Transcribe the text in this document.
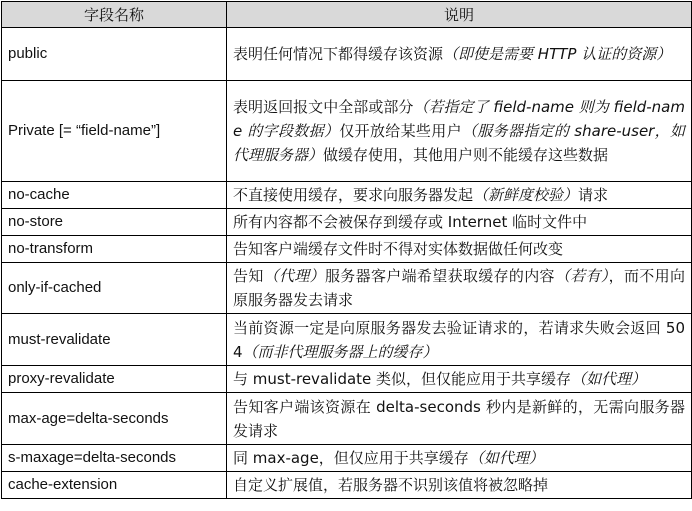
字段名称	说明
public	表明任何情况下都得缓存该资源（即使是需要 HTTP 认证的资源）
Private [= “field-name”]	表明返回报文中全部或部分（若指定了 field-name 则为 field-name 的字段数据）仅开放给某些用户（服务器指定的 share-user，如代理服务器）做缓存使用，其他用户则不能缓存这些数据
no-cache	不直接使用缓存，要求向服务器发起（新鲜度校验）请求
no-store	所有内容都不会被保存到缓存或 Internet 临时文件中
no-transform	告知客户端缓存文件时不得对实体数据做任何改变
only-if-cached	告知（代理）服务器客户端希望获取缓存的内容（若有），而不用向原服务器发去请求
must-revalidate	当前资源一定是向原服务器发去验证请求的，若请求失败会返回 504（而非代理服务器上的缓存）
proxy-revalidate	与 must-revalidate 类似，但仅能应用于共享缓存（如代理）
max-age=delta-seconds	告知客户端该资源在 delta-seconds 秒内是新鲜的，无需向服务器发请求
s-maxage=delta-seconds	同 max-age，但仅应用于共享缓存（如代理）
cache-extension	自定义扩展值，若服务器不识别该值将被忽略掉
